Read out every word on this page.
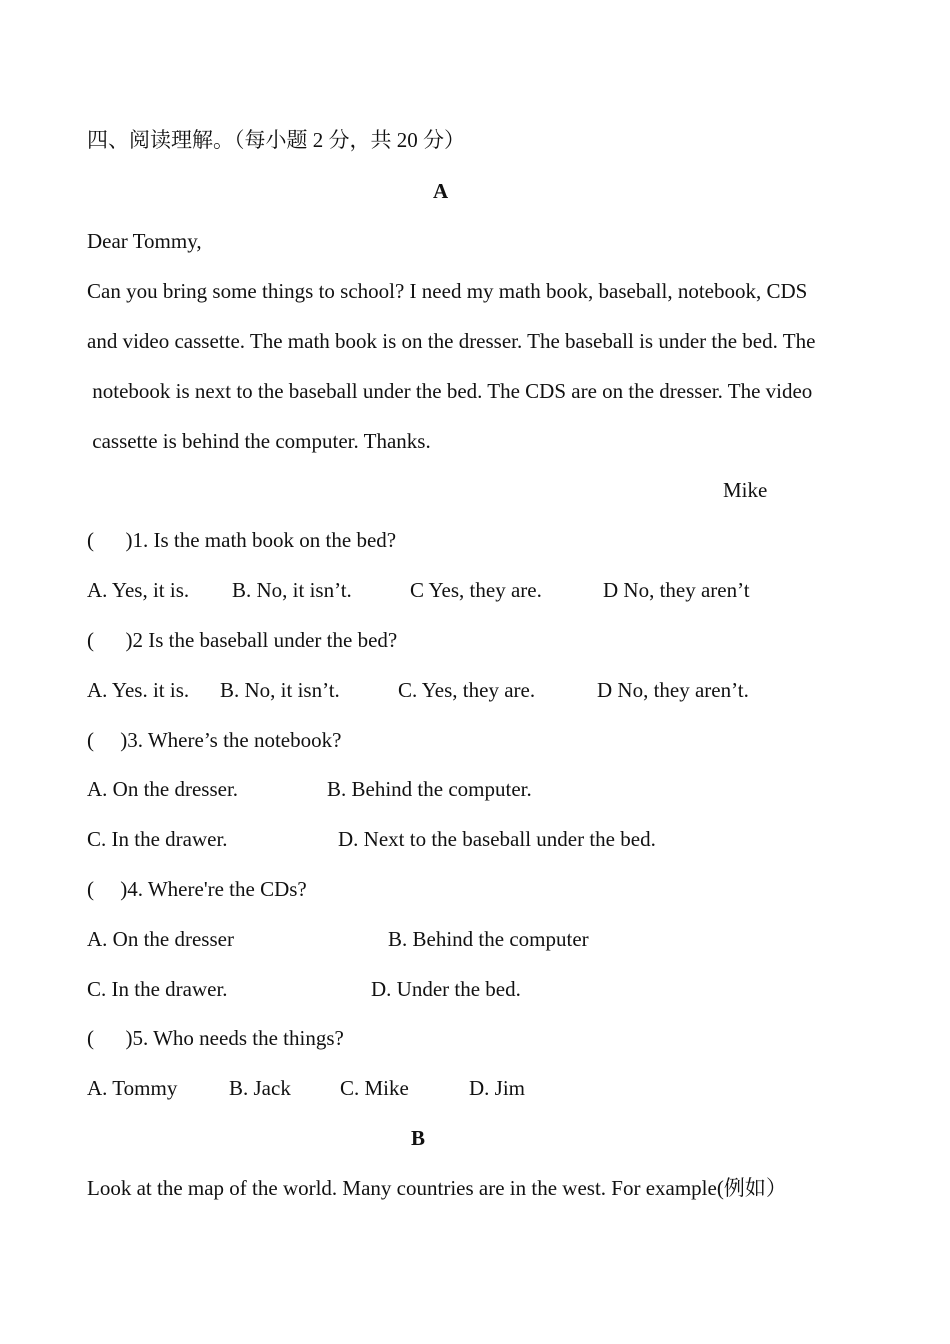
四、阅读理解。（每小题 2 分，共 20 分）
A
Dear Tommy,
Can you bring some things to school? I need my math book, baseball, notebook, CDS
and video cassette. The math book is on the dresser. The baseball is under the bed. The
notebook is next to the baseball under the bed. The CDS are on the dresser. The video
cassette is behind the computer. Thanks.
Mike
(      )1. Is the math book on the bed?
A. Yes, it is. B. No, it isn’t.	C Yes, they are.	D No, they aren’t
(      )2 Is the baseball under the bed?
A. Yes. it is. B. No, it isn’t.	C. Yes, they are.	D No, they aren’t.
(     )3. Where’s the notebook?
A. On the dresser.	B. Behind the computer.
C. In the drawer.	D. Next to the baseball under the bed.
(     )4. Where're the CDs?
A. On the dresser	B. Behind the computer
C. In the drawer.	D. Under the bed.
(      )5. Who needs the things?
A. Tommy B. Jack C. Mike	D. Jim
B
Look at the map of the world. Many countries are in the west. For example(例如）
